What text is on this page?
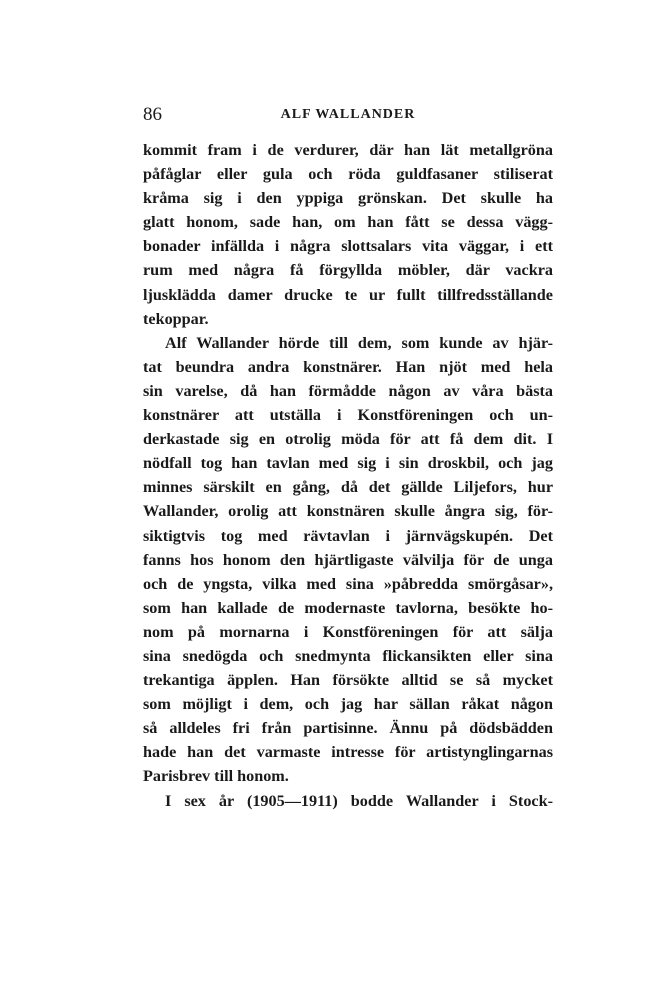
86	ALF WALLANDER
kommit fram i de verdurer, där han lät metallgröna
påfåglar eller gula och röda guldfasaner stiliserat
kråma sig i den yppiga grönskan. Det skulle ha
glatt honom, sade han, om han fått se dessa vägg-
bonader infällda i några slottsalars vita väggar, i ett
rum med några få förgyllda möbler, där vackra
ljusklädda damer drucke te ur fullt tillfredsställande
tekoppar.
Alf Wallander hörde till dem, som kunde av hjär-
tat beundra andra konstnärer. Han njöt med hela
sin varelse, då han förmådde någon av våra bästa
konstnärer att utställa i Konstföreningen och un-
derkastade sig en otrolig möda för att få dem dit. I
nödfall tog han tavlan med sig i sin droskbil, och jag
minnes särskilt en gång, då det gällde Liljefors, hur
Wallander, orolig att konstnären skulle ångra sig, för-
siktigtvis tog med rävtavlan i järnvägskupén. Det
fanns hos honom den hjärtligaste välvilja för de unga
och de yngsta, vilka med sina »påbredda smörgåsar»,
som han kallade de modernaste tavlorna, besökte ho-
nom på mornarna i Konstföreningen för att sälja
sina snedögda och snedmynta flickansikten eller sina
trekantiga äpplen. Han försökte alltid se så mycket
som möjligt i dem, och jag har sällan råkat någon
så alldeles fri från partisinne. Ännu på dödsbädden
hade han det varmaste intresse för artistynglingarnas
Parisbrev till honom.
I sex år (1905—1911) bodde Wallander i Stock-
